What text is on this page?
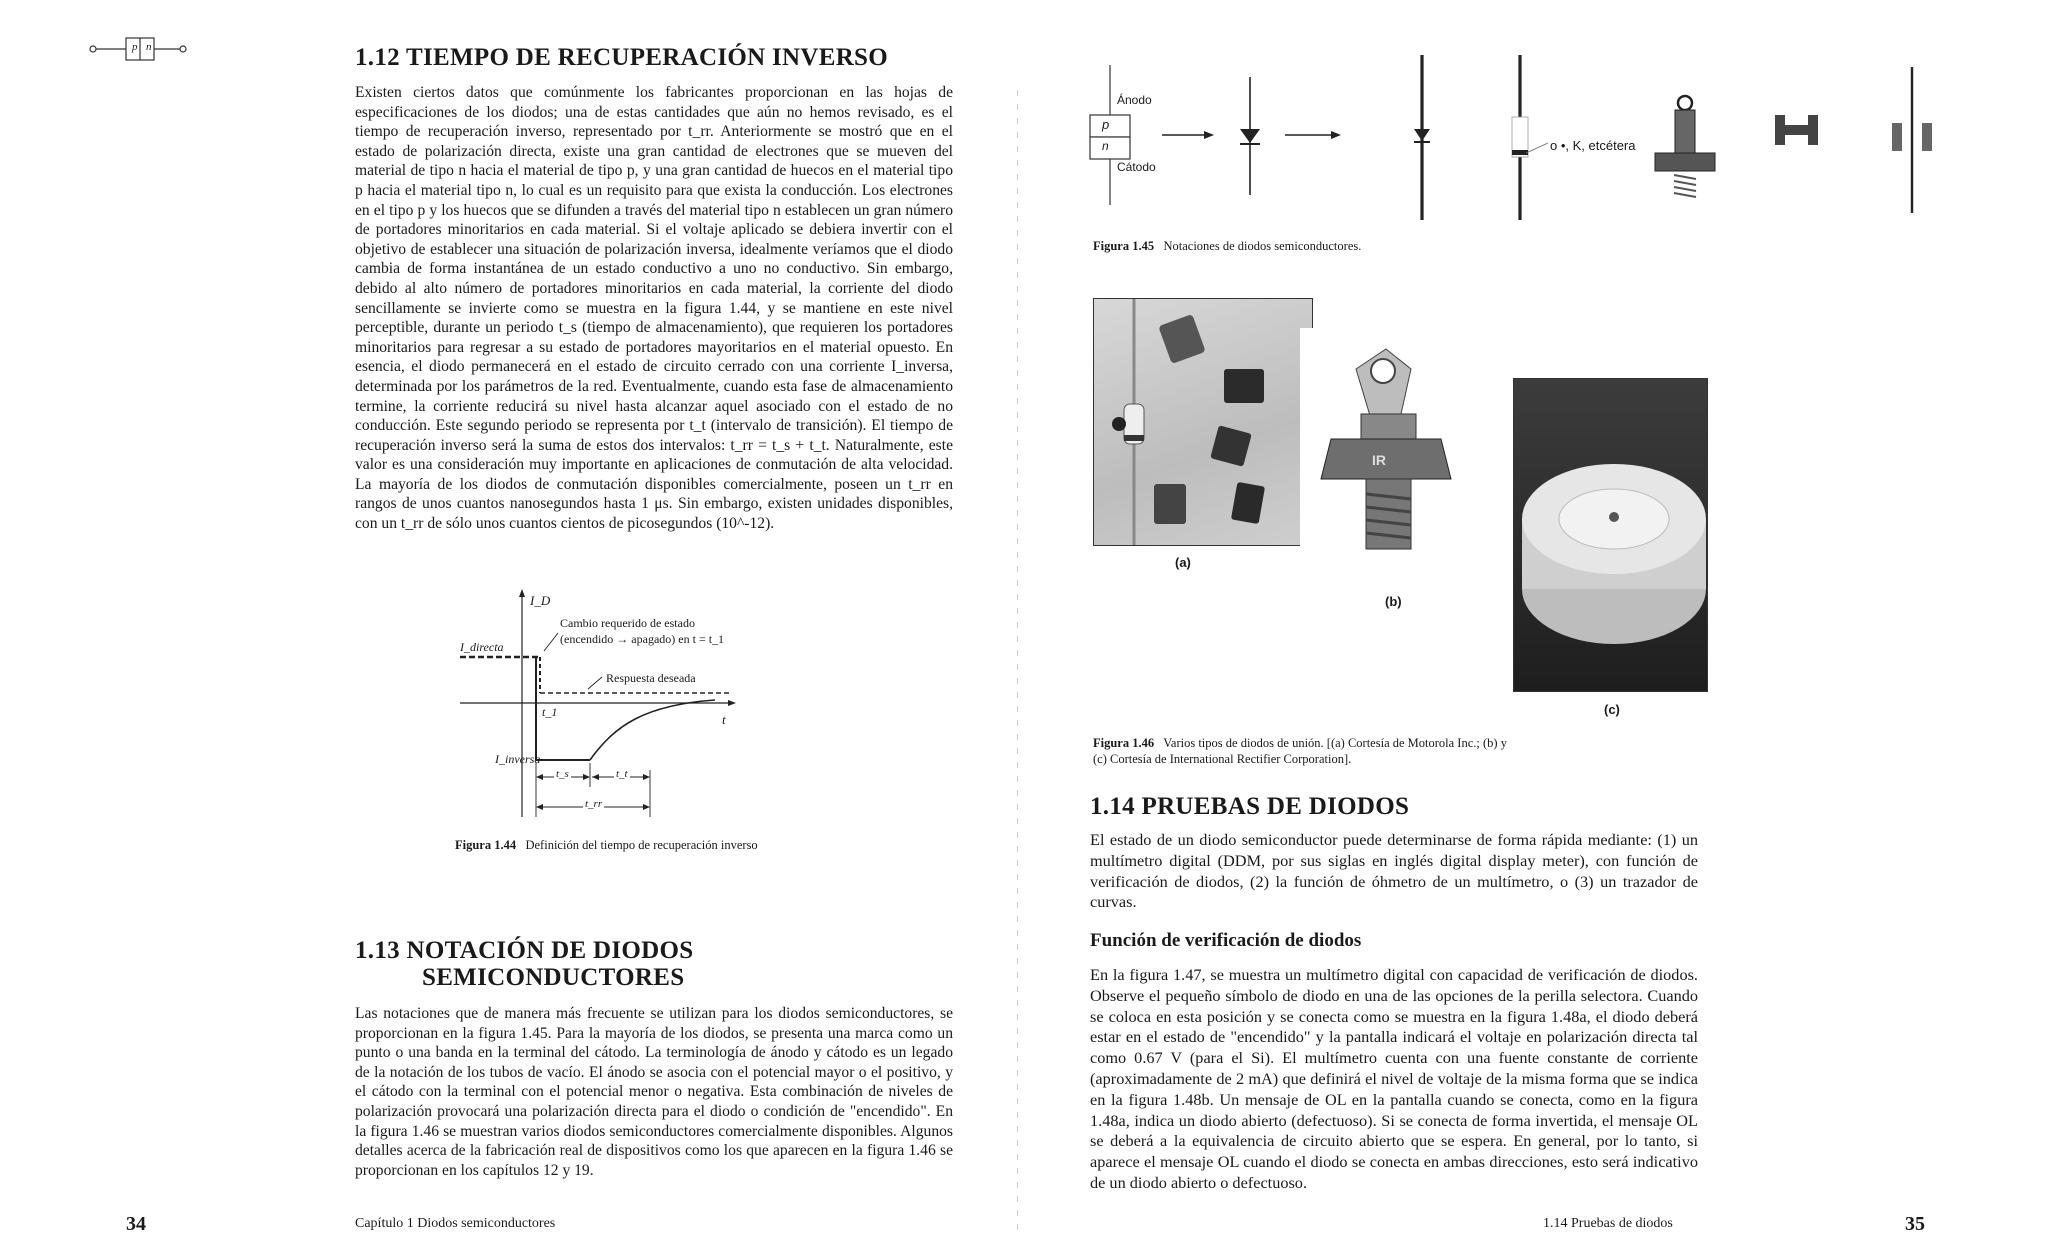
p n	1.12 TIEMPO DE RECUPERACIÓN INVERSO

Existen ciertos datos que comúnmente los fabricantes proporcionan en las hojas de especificaciones de los diodos; una de estas cantidades que aún no hemos revisado, es el tiempo de recuperación inverso, representado por t_rr. Anteriormente se mostró que en el estado de polarización directa, existe una gran cantidad de electrones que se mueven del material de tipo n hacia el material de tipo p, y una gran cantidad de huecos en el material tipo p hacia el material tipo n, lo cual es un requisito para que exista la conducción. Los electrones en el tipo p y los huecos que se difunden a través del material tipo n establecen un gran número de portadores minoritarios en cada material. Si el voltaje aplicado se debiera invertir con el objetivo de establecer una situación de polarización inversa, idealmente veríamos que el diodo cambia de forma instantánea de un estado conductivo a uno no conductivo. Sin embargo, debido al alto número de portadores minoritarios en cada material, la corriente del diodo sencillamente se invierte como se muestra en la figura 1.44, y se mantiene en este nivel perceptible, durante un periodo t_s (tiempo de almacenamiento), que requieren los portadores minoritarios para regresar a su estado de portadores mayoritarios en el material opuesto. En esencia, el diodo permanecerá en el estado de circuito cerrado con una corriente I_inversa, determinada por los parámetros de la red. Eventualmente, cuando esta fase de almacenamiento termine, la corriente reducirá su nivel hasta alcanzar aquel asociado con el estado de no conducción. Este segundo periodo se representa por t_t (intervalo de transición). El tiempo de recuperación inverso será la suma de estos dos intervalos: t_rr = t_s + t_t. Naturalmente, este valor es una consideración muy importante en aplicaciones de conmutación de alta velocidad. La mayoría de los diodos de conmutación disponibles comercialmente, poseen un t_rr en rangos de unos cuantos nanosegundos hasta 1 μs. Sin embargo, existen unidades disponibles, con un t_rr de sólo unos cuantos cientos de picosegundos (10^-12).

I_D
I_directa
Cambio requerido de estado
(encendido → apagado) en t = t_1
Respuesta deseada
t_1	t
I_inversa
t_s	t_t
t_rr
Figura 1.44 Definición del tiempo de recuperación inverso
1.13 NOTACIÓN DE DIODOS
SEMICONDUCTORES

Las notaciones que de manera más frecuente se utilizan para los diodos semiconductores, se proporcionan en la figura 1.45. Para la mayoría de los diodos, se presenta una marca como un punto o una banda en la terminal del cátodo. La terminología de ánodo y cátodo es un legado de la notación de los tubos de vacío. El ánodo se asocia con el potencial mayor o el positivo, y el cátodo con la terminal con el potencial menor o negativa. Esta combinación de niveles de polarización provocará una polarización directa para el diodo o condición de "encendido". En la figura 1.46 se muestran varios diodos semiconductores comercialmente disponibles. Algunos detalles acerca de la fabricación real de dispositivos como los que aparecen en la figura 1.46 se proporcionan en los capítulos 12 y 19.

34	Capítulo 1 Diodos semiconductores
Ánodo
p
n
Cátodo
o •, K, etcétera
Figura 1.45 Notaciones de diodos semiconductores.
(a)
IR
(b)
(c)
Figura 1.46 Varios tipos de diodos de unión. [(a) Cortesía de Motorola Inc.; (b) y
(c) Cortesía de International Rectifier Corporation].
1.14 PRUEBAS DE DIODOS

El estado de un diodo semiconductor puede determinarse de forma rápida mediante: (1) un multímetro digital (DDM, por sus siglas en inglés digital display meter), con función de verificación de diodos, (2) la función de óhmetro de un multímetro, o (3) un trazador de curvas.

Función de verificación de diodos

En la figura 1.47, se muestra un multímetro digital con capacidad de verificación de diodos. Observe el pequeño símbolo de diodo en una de las opciones de la perilla selectora. Cuando se coloca en esta posición y se conecta como se muestra en la figura 1.48a, el diodo deberá estar en el estado de "encendido" y la pantalla indicará el voltaje en polarización directa tal como 0.67 V (para el Si). El multímetro cuenta con una fuente constante de corriente (aproximadamente de 2 mA) que definirá el nivel de voltaje de la misma forma que se indica en la figura 1.48b. Un mensaje de OL en la pantalla cuando se conecta, como en la figura 1.48a, indica un diodo abierto (defectuoso). Si se conecta de forma invertida, el mensaje OL se deberá a la equivalencia de circuito abierto que se espera. En general, por lo tanto, si aparece el mensaje OL cuando el diodo se conecta en ambas direcciones, esto será indicativo de un diodo abierto o defectuoso.

1.14 Pruebas de diodos	35
